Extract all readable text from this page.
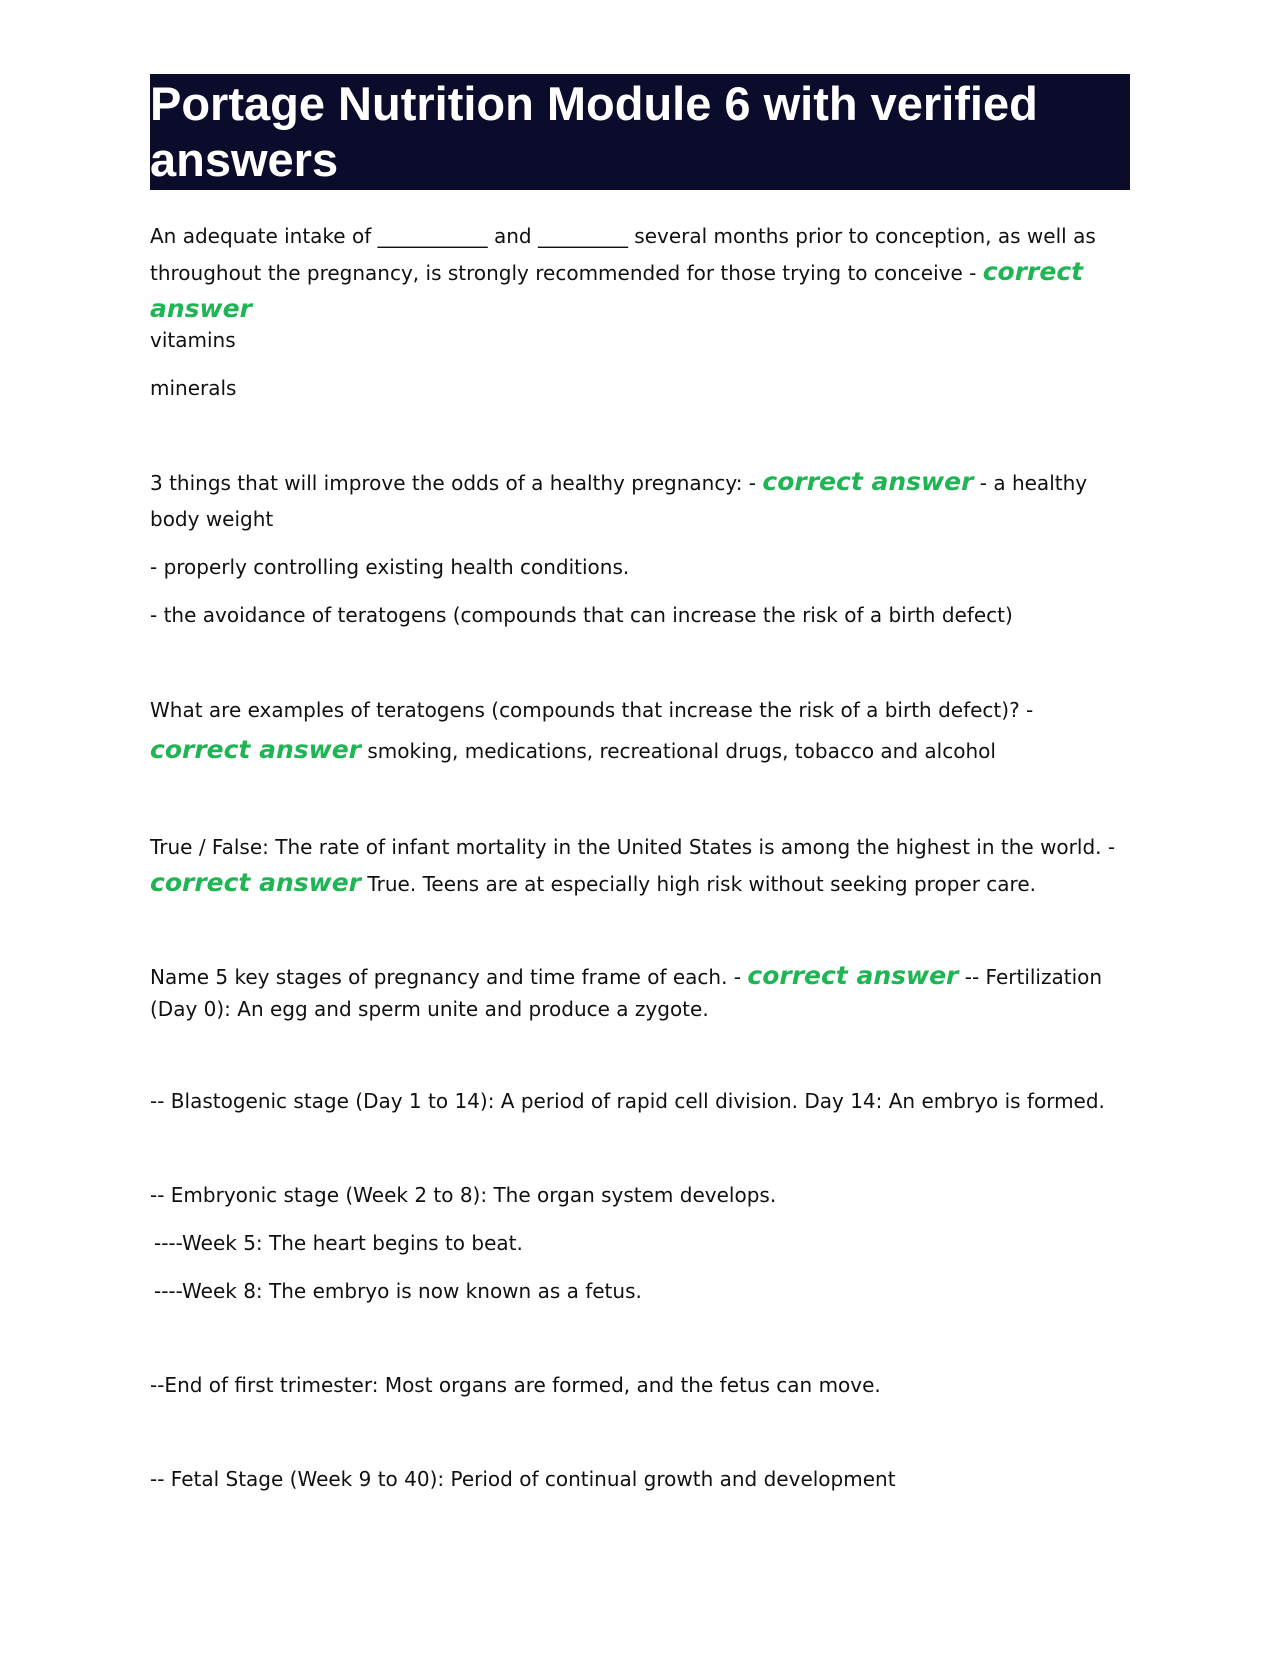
Portage Nutrition Module 6 with verified answers

An adequate intake of ___________ and _________ several months prior to conception, as well as throughout the pregnancy, is strongly recommended for those trying to conceive - correct answer

vitamins

minerals

3 things that will improve the odds of a healthy pregnancy: - correct answer - a healthy body weight

- properly controlling existing health conditions.

- the avoidance of teratogens (compounds that can increase the risk of a birth defect)

What are examples of teratogens (compounds that increase the risk of a birth defect)? - correct answer smoking, medications, recreational drugs, tobacco and alcohol

True / False: The rate of infant mortality in the United States is among the highest in the world. - correct answer True. Teens are at especially high risk without seeking proper care.

Name 5 key stages of pregnancy and time frame of each. - correct answer -- Fertilization (Day 0): An egg and sperm unite and produce a zygote.

-- Blastogenic stage (Day 1 to 14): A period of rapid cell division. Day 14: An embryo is formed.

-- Embryonic stage (Week 2 to 8): The organ system develops.

----Week 5: The heart begins to beat.

----Week 8: The embryo is now known as a fetus.

--End of first trimester: Most organs are formed, and the fetus can move.

-- Fetal Stage (Week 9 to 40): Period of continual growth and development
